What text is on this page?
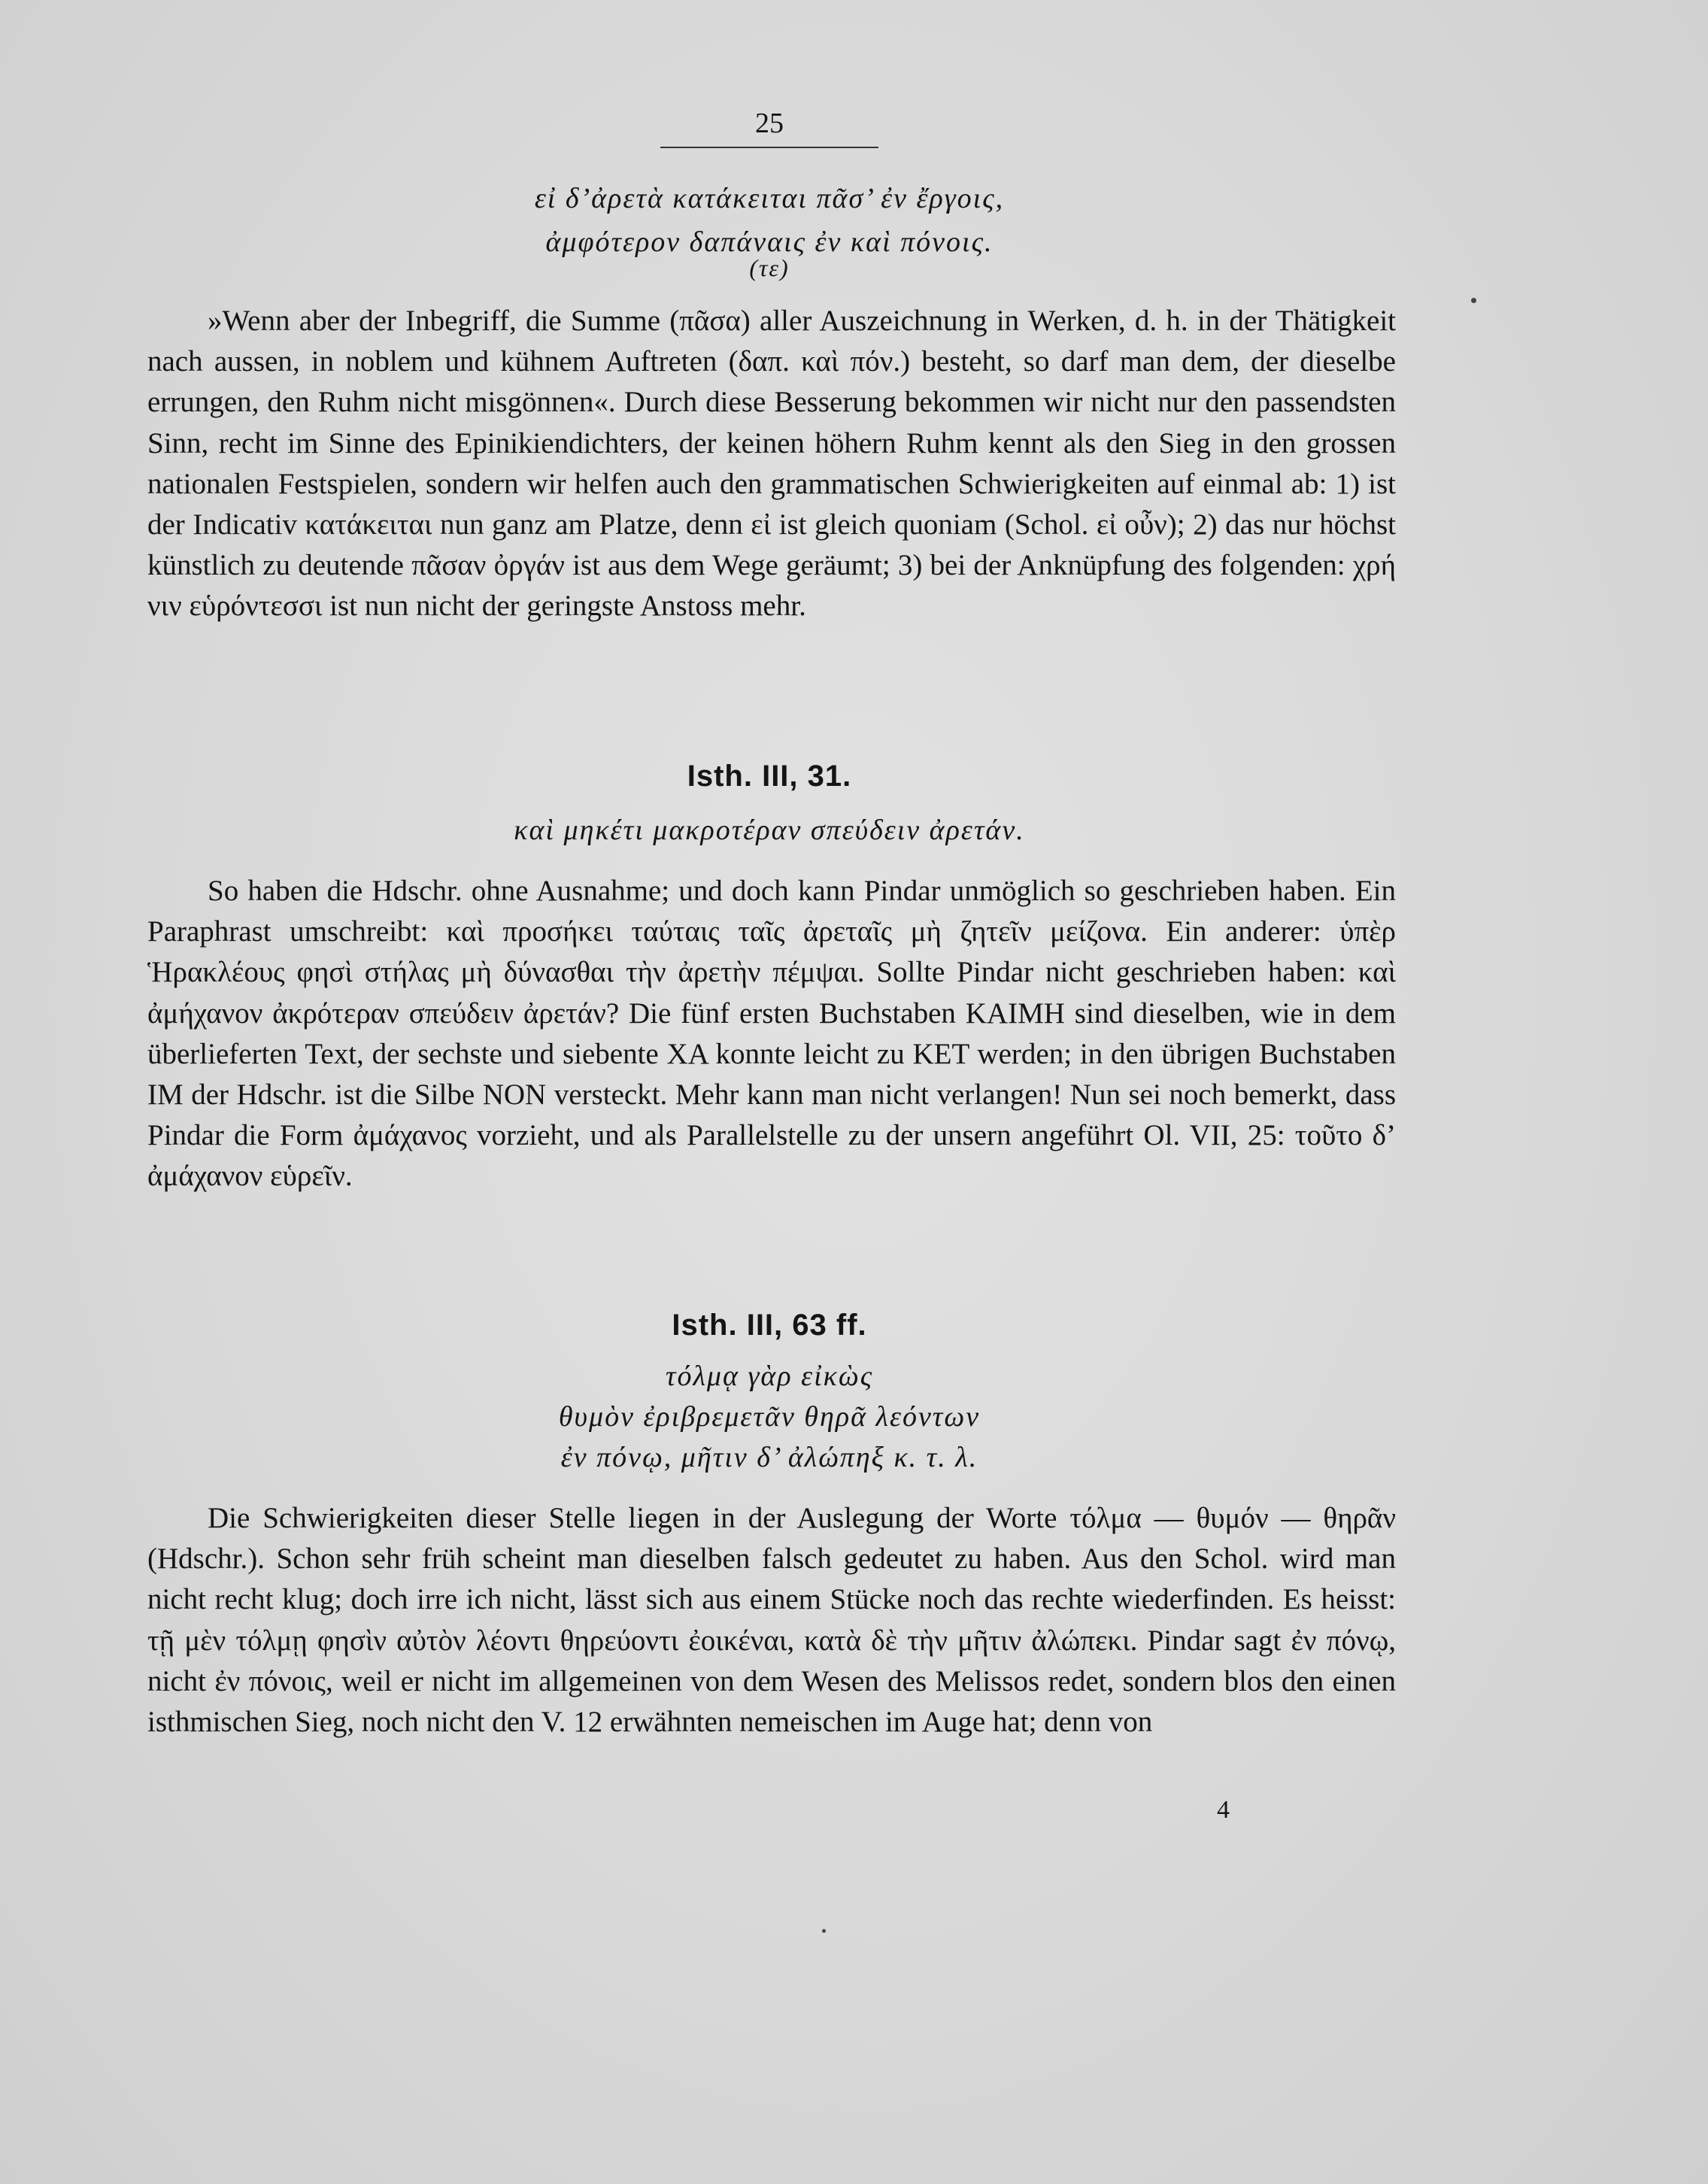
25
εἰ δ’ἀρετὰ κατάκειται πᾶσ’ ἐν ἔργοις,
ἀμφότερον δαπάναις ἐν καὶ πόνοις.
(τε)
»Wenn aber der Inbegriff, die Summe (πᾶσα) aller Auszeichnung in Werken, d. h. in der Thätigkeit nach aussen, in noblem und kühnem Auftreten (δαπ. καὶ πόν.) besteht, so darf man dem, der dieselbe errungen, den Ruhm nicht misgönnen«. Durch diese Besserung bekommen wir nicht nur den passendsten Sinn, recht im Sinne des Epinikiendichters, der keinen höhern Ruhm kennt als den Sieg in den grossen nationalen Festspielen, sondern wir helfen auch den grammatischen Schwierigkeiten auf einmal ab: 1) ist der Indicativ κατάκειται nun ganz am Platze, denn εἰ ist gleich quoniam (Schol. εἰ οὖν); 2) das nur höchst künstlich zu deutende πᾶσαν ὀργάν ist aus dem Wege geräumt; 3) bei der Anknüpfung des folgenden: χρή νιν εὑρόντεσσι ist nun nicht der geringste Anstoss mehr.
Isth. III, 31.
καὶ μηκέτι μακροτέραν σπεύδειν ἀρετάν.
So haben die Hdschr. ohne Ausnahme; und doch kann Pindar unmöglich so geschrieben haben. Ein Paraphrast umschreibt: καὶ προσήκει ταύταις ταῖς ἀρεταῖς μὴ ζητεῖν μείζονα. Ein anderer: ὑπὲρ Ἡρακλέους φησὶ στήλας μὴ δύνασθαι τὴν ἀρετὴν πέμψαι. Sollte Pindar nicht geschrieben haben: καὶ ἀμήχανον ἀκρότεραν σπεύδειν ἀρετάν? Die fünf ersten Buchstaben ΚΑΙΜΗ sind dieselben, wie in dem überlieferten Text, der sechste und siebente ΧΑ konnte leicht zu ΚΕΤ werden; in den übrigen Buchstaben ΙΜ der Hdschr. ist die Silbe ΝΟΝ versteckt. Mehr kann man nicht verlangen! Nun sei noch bemerkt, dass Pindar die Form ἀμάχανος vorzieht, und als Parallelstelle zu der unsern angeführt Ol. VII, 25: τοῦτο δ’ ἀμάχανον εὑρεῖν.
Isth. III, 63 ff.
τόλμᾳ γὰρ εἰκὼς
θυμὸν ἐριβρεμετᾶν θηρᾶ λεόντων
ἐν πόνῳ, μῆτιν δ’ ἀλώπηξ κ. τ. λ.
Die Schwierigkeiten dieser Stelle liegen in der Auslegung der Worte τόλμα — θυμόν — θηρᾶν (Hdschr.). Schon sehr früh scheint man dieselben falsch gedeutet zu haben. Aus den Schol. wird man nicht recht klug; doch irre ich nicht, lässt sich aus einem Stücke noch das rechte wiederfinden. Es heisst: τῇ μὲν τόλμῃ φησὶν αὐτὸν λέοντι θηρεύοντι ἐοικέναι, κατὰ δὲ τὴν μῆτιν ἀλώπεκι. Pindar sagt ἐν πόνῳ, nicht ἐν πόνοις, weil er nicht im allgemeinen von dem Wesen des Melissos redet, sondern blos den einen isthmischen Sieg, noch nicht den V. 12 erwähnten nemeischen im Auge hat; denn von
4
